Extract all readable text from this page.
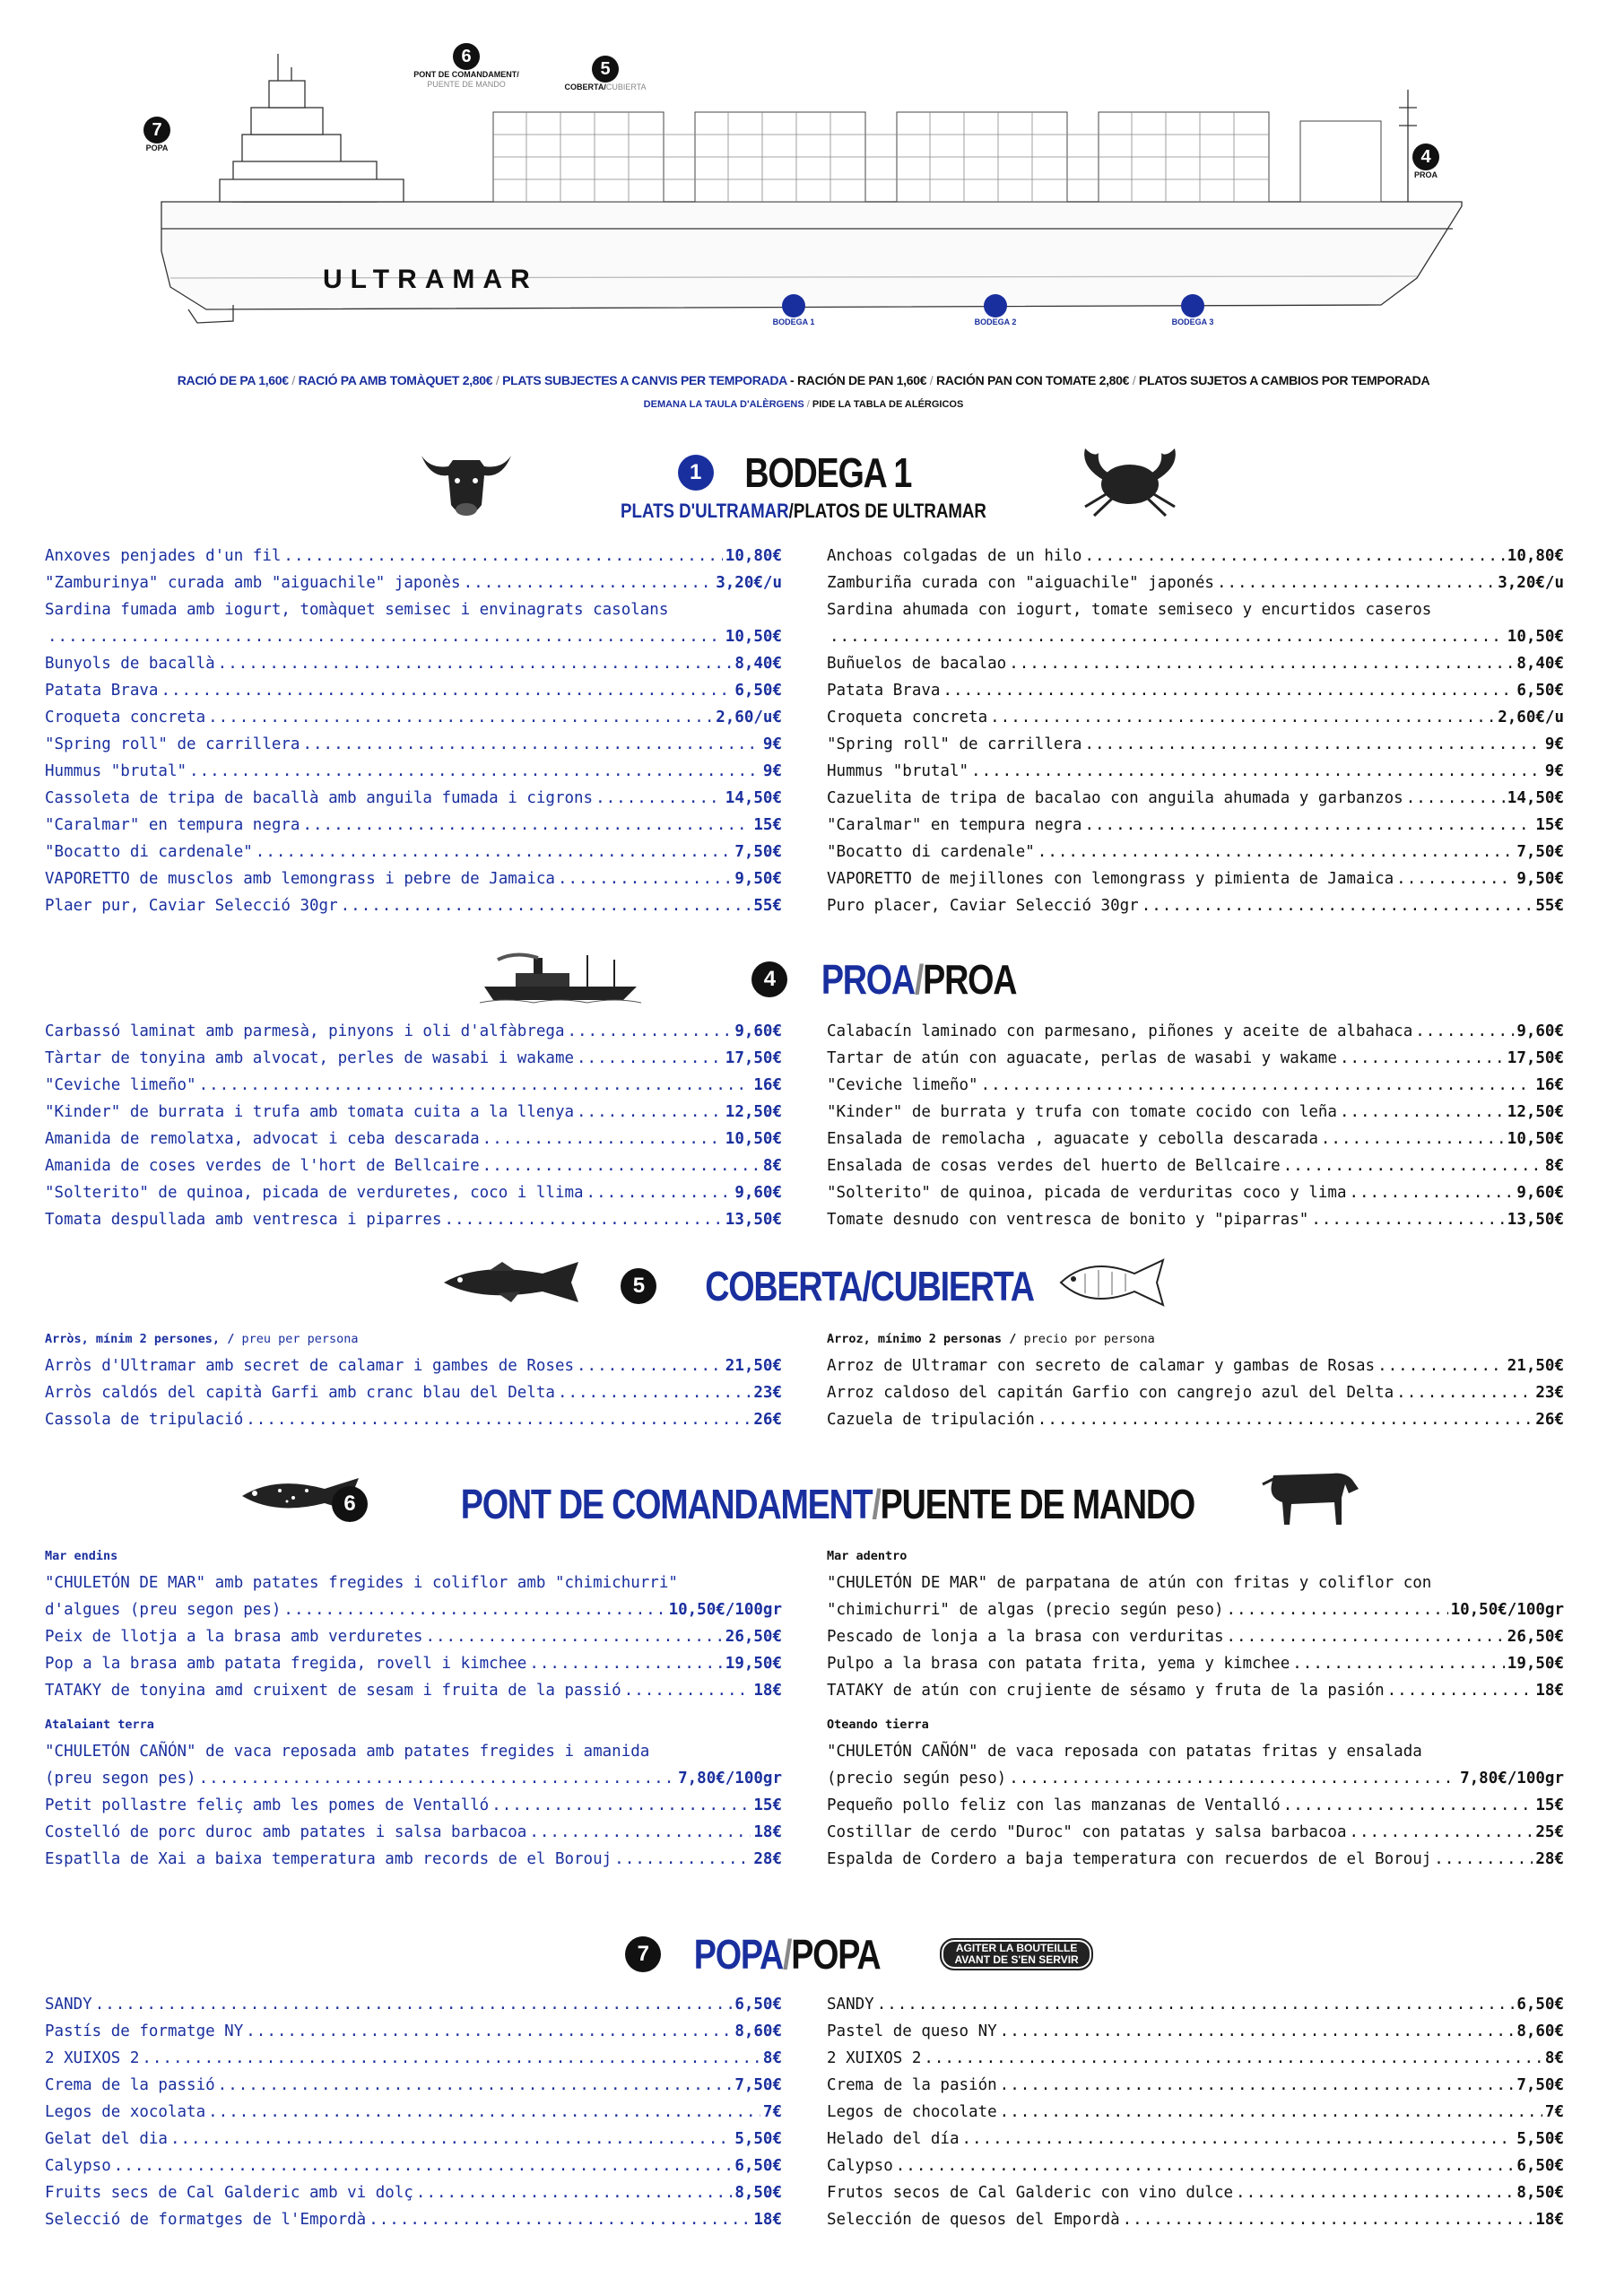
ULTRAMAR
7
POPA
6
PONT DE COMANDAMENT/
PUENTE DE MANDO
5
COBERTA/CUBIERTA
4
PROA
1
BODEGA 1
2
BODEGA 2
3
BODEGA 3
RACIÓ DE PA 1,60€ / RACIÓ PA AMB TOMÀQUET 2,80€ / PLATS SUBJECTES A CANVIS PER TEMPORADA - RACIÓN DE PAN 1,60€ / RACIÓN PAN CON TOMATE 2,80€ / PLATOS SUJETOS A CAMBIOS POR TEMPORADA
DEMANA LA TAULA D'ALÈRGENS / PIDE LA TABLA DE ALÉRGICOS
1 BODEGA 1
PLATS D'ULTRAMAR/PLATOS DE ULTRAMAR
Anxoves penjades d'un fil .....	10,80€
"Zamburinya" curada amb "aiguachile" japonès .....	3,20€/u
Sardina fumada amb iogurt, tomàquet semisec i envinagrats casolans
.....
10,50€
Bunyols de bacallà .....	8,40€
Patata Brava .....	6,50€
Croqueta concreta .....	2,60/u€
"Spring roll" de carrillera .....	9€
Hummus "brutal" .....	9€
Cassoleta de tripa de bacallà amb anguila fumada i cigrons .....	14,50€
"Caralmar" en tempura negra .....	15€
"Bocatto di cardenale" .....	7,50€
VAPORETTO de musclos amb lemongrass i pebre de Jamaica .....	9,50€
Plaer pur, Caviar Selecció 30gr .....	55€
Anchoas colgadas de un hilo .....	10,80€
Zamburiña curada con "aiguachile" japonés .....	3,20€/u
Sardina ahumada con iogurt, tomate semiseco y encurtidos caseros
.....
10,50€
Buñuelos de bacalao .....	8,40€
Patata Brava .....	6,50€
Croqueta concreta .....	2,60€/u
"Spring roll" de carrillera .....	9€
Hummus "brutal" .....	9€
Cazuelita de tripa de bacalao con anguila ahumada y garbanzos .....	14,50€
"Caralmar" en tempura negra .....	15€
"Bocatto di cardenale" .....	7,50€
VAPORETTO de mejillones con lemongrass y pimienta de Jamaica .....	9,50€
Puro placer, Caviar Selecció 30gr .....	55€
4 PROA/PROA
Carbassó laminat amb parmesà, pinyons i oli d'alfàbrega .....	9,60€
Tàrtar de tonyina amb alvocat, perles de wasabi i wakame .....	17,50€
"Ceviche limeño" .....	16€
"Kinder" de burrata i trufa amb tomata cuita a la llenya .....	12,50€
Amanida de remolatxa, advocat i ceba descarada .....	10,50€
Amanida de coses verdes de l'hort de Bellcaire .....	8€
"Solterito" de quinoa, picada de verduretes, coco i llima .....	9,60€
Tomata despullada amb ventresca i piparres .....	13,50€
Calabacín laminado con parmesano, piñones y aceite de albahaca .....	9,60€
Tartar de atún con aguacate, perlas de wasabi y wakame .....	17,50€
"Ceviche limeño" .....	16€
"Kinder" de burrata y trufa con tomate cocido con leña .....	12,50€
Ensalada de remolacha , aguacate y cebolla descarada .....	10,50€
Ensalada de cosas verdes del huerto de Bellcaire .....	8€
"Solterito" de quinoa, picada de verduritas coco y lima .....	9,60€
Tomate desnudo con ventresca de bonito y "piparras" .....	13,50€
5 COBERTA/CUBIERTA
Arròs, mínim 2 persones, / preu per persona
Arròs d'Ultramar amb secret de calamar i gambes de Roses .....	21,50€
Arròs caldós del capità Garfi amb cranc blau del Delta .....	23€
Cassola de tripulació .....	26€
Arroz, mínimo 2 personas / precio por persona
Arroz de Ultramar con secreto de calamar y gambas de Rosas .....	21,50€
Arroz caldoso del capitán Garfio con cangrejo azul del Delta .....	23€
Cazuela de tripulación .....	26€
6	PONT DE COMANDAMENT/PUENTE DE MANDO
Mar endins
"CHULETÓN DE MAR" amb patates fregides i coliflor amb "chimichurri"
d'algues (preu segon pes) .....	10,50€/100gr
Peix de llotja a la brasa amb verduretes .....	26,50€
Pop a la brasa amb patata fregida, rovell i kimchee .....	19,50€
TATAKY de tonyina amd cruixent de sesam i fruita de la passió .....	18€
Atalaiant terra
"CHULETÓN CAÑÓN" de vaca reposada amb patates fregides i amanida
(preu segon pes) .....	7,80€/100gr
Petit pollastre feliç amb les pomes de Ventalló .....	15€
Costelló de porc duroc amb patates i salsa barbacoa .....	18€
Espatlla de Xai a baixa temperatura amb records de el Borouj .....	28€
Mar adentro
"CHULETÓN DE MAR" de parpatana de atún con fritas y coliflor con
"chimichurri" de algas (precio según peso) .....	10,50€/100gr
Pescado de lonja a la brasa con verduritas .....	26,50€
Pulpo a la brasa con patata frita, yema y kimchee .....	19,50€
TATAKY de atún con crujiente de sésamo y fruta de la pasión .....	18€
Oteando tierra
"CHULETÓN CAÑÓN" de vaca reposada con patatas fritas y ensalada
(precio según peso) .....	7,80€/100gr
Pequeño pollo feliz con las manzanas de Ventalló .....	15€
Costillar de cerdo "Duroc" con patatas y salsa barbacoa .....	25€
Espalda de Cordero a baja temperatura con recuerdos de el Borouj .....	28€
7 POPA/POPA	AGITER LA BOUTEILLE
AVANT DE S'EN SERVIR
SANDY .....	6,50€
Pastís de formatge NY .....	8,60€
2 XUIXOS 2 .....	8€
Crema de la passió .....	7,50€
Legos de xocolata .....	7€
Gelat del dia .....	5,50€
Calypso .....	6,50€
Fruits secs de Cal Galderic amb vi dolç .....	8,50€
Selecció de formatges de l'Empordà .....	18€
SANDY .....	6,50€
Pastel de queso NY .....	8,60€
2 XUIXOS 2 .....	8€
Crema de la pasión .....	7,50€
Legos de chocolate .....	7€
Helado del día .....	5,50€
Calypso .....	6,50€
Frutos secos de Cal Galderic con vino dulce .....	8,50€
Selección de quesos del Empordà .....	18€
